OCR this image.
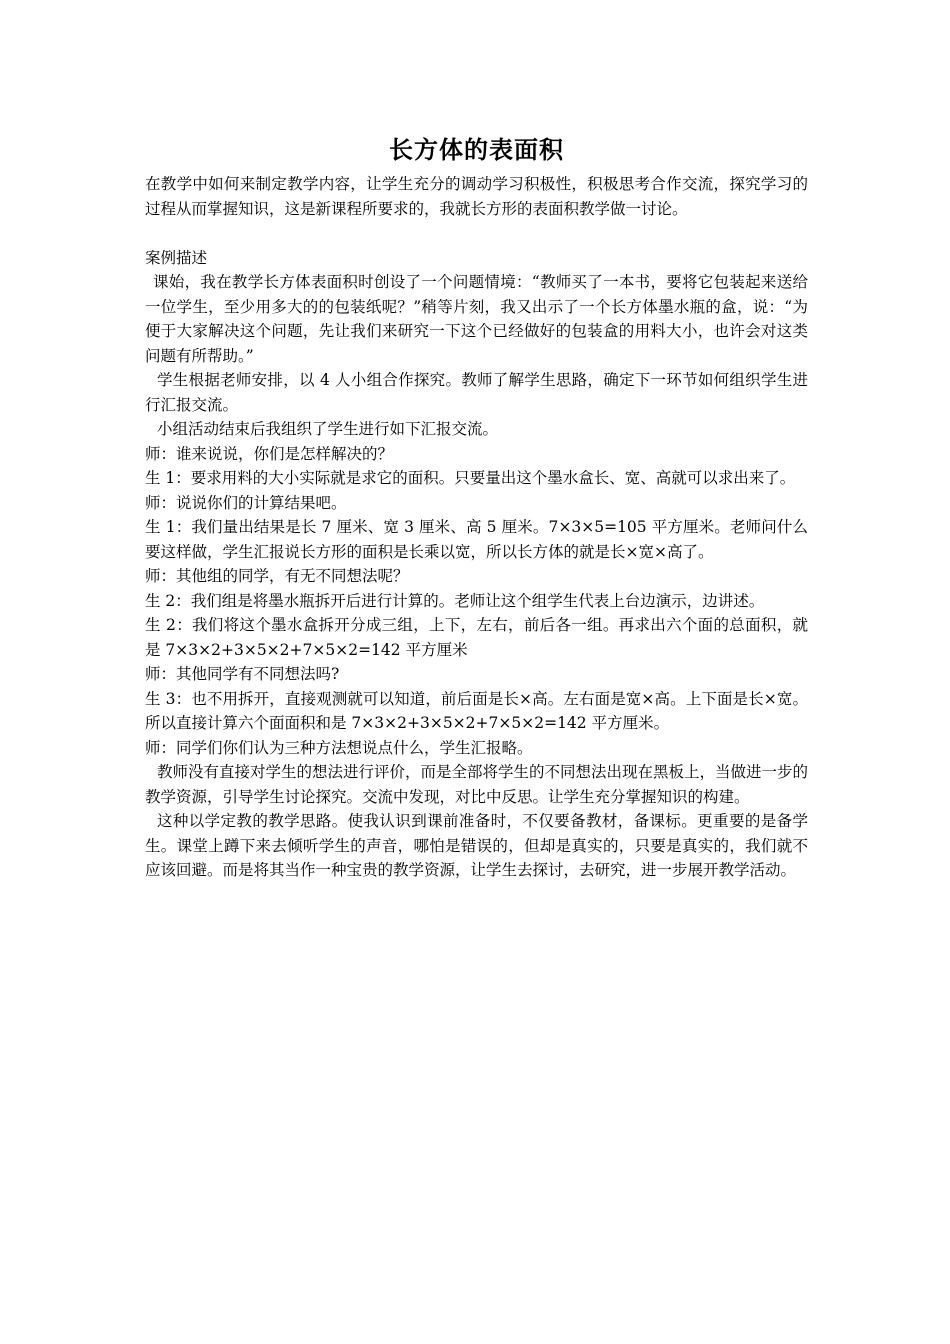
长方体的表面积

在教学中如何来制定教学内容，让学生充分的调动学习积极性，积极思考合作交流，探究学习的过程从而掌握知识，这是新课程所要求的，我就长方形的表面积教学做一讨论。

案例描述

课始，我在教学长方体表面积时创设了一个问题情境：“教师买了一本书，要将它包装起来送给一位学生，至少用多大的的包装纸呢？”稍等片刻，我又出示了一个长方体墨水瓶的盒，说：“为便于大家解决这个问题，先让我们来研究一下这个已经做好的包装盒的用料大小，也许会对这类问题有所帮助。”

学生根据老师安排，以 4 人小组合作探究。教师了解学生思路，确定下一环节如何组织学生进行汇报交流。

小组活动结束后我组织了学生进行如下汇报交流。

师：谁来说说，你们是怎样解决的？

生 1：要求用料的大小实际就是求它的面积。只要量出这个墨水盒长、宽、高就可以求出来了。

师：说说你们的计算结果吧。

生 1：我们量出结果是长 7 厘米、宽 3 厘米、高 5 厘米。7×3×5=105 平方厘米。老师问什么要这样做，学生汇报说长方形的面积是长乘以宽，所以长方体的就是长×宽×高了。

师：其他组的同学，有无不同想法呢？

生 2：我们组是将墨水瓶拆开后进行计算的。老师让这个组学生代表上台边演示，边讲述。

生 2：我们将这个墨水盒拆开分成三组，上下，左右，前后各一组。再求出六个面的总面积，就是 7×3×2+3×5×2+7×5×2=142 平方厘米

师：其他同学有不同想法吗?

生 3：也不用拆开，直接观测就可以知道，前后面是长×高。左右面是宽×高。上下面是长×宽。所以直接计算六个面面积和是 7×3×2+3×5×2+7×5×2=142 平方厘米。

师：同学们你们认为三种方法想说点什么，学生汇报略。

教师没有直接对学生的想法进行评价，而是全部将学生的不同想法出现在黑板上，当做进一步的教学资源，引导学生讨论探究。交流中发现，对比中反思。让学生充分掌握知识的构建。

这种以学定教的教学思路。使我认识到课前准备时，不仅要备教材，备课标。更重要的是备学生。课堂上蹲下来去倾听学生的声音，哪怕是错误的，但却是真实的，只要是真实的，我们就不应该回避。而是将其当作一种宝贵的教学资源，让学生去探讨，去研究，进一步展开教学活动。
